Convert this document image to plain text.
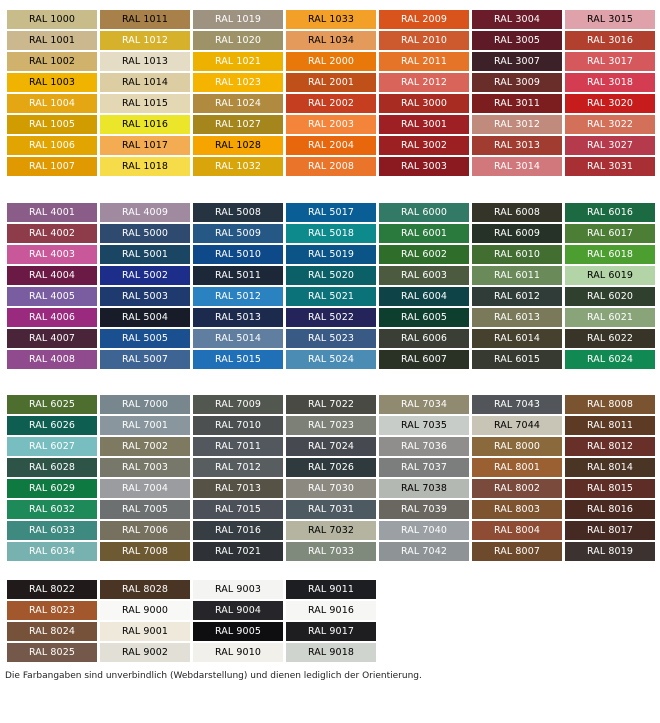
RAL 1000	RAL 1011	RAL 1019	RAL 1033	RAL 2009	RAL 3004	RAL 3015
RAL 1001	RAL 1012	RAL 1020	RAL 1034	RAL 2010	RAL 3005	RAL 3016
RAL 1002	RAL 1013	RAL 1021	RAL 2000	RAL 2011	RAL 3007	RAL 3017
RAL 1003	RAL 1014	RAL 1023	RAL 2001	RAL 2012	RAL 3009	RAL 3018
RAL 1004	RAL 1015	RAL 1024	RAL 2002	RAL 3000	RAL 3011	RAL 3020
RAL 1005	RAL 1016	RAL 1027	RAL 2003	RAL 3001	RAL 3012	RAL 3022
RAL 1006	RAL 1017	RAL 1028	RAL 2004	RAL 3002	RAL 3013	RAL 3027
RAL 1007	RAL 1018	RAL 1032	RAL 2008	RAL 3003	RAL 3014	RAL 3031
RAL 4001	RAL 4009	RAL 5008	RAL 5017	RAL 6000	RAL 6008	RAL 6016
RAL 4002	RAL 5000	RAL 5009	RAL 5018	RAL 6001	RAL 6009	RAL 6017
RAL 4003	RAL 5001	RAL 5010	RAL 5019	RAL 6002	RAL 6010	RAL 6018
RAL 4004	RAL 5002	RAL 5011	RAL 5020	RAL 6003	RAL 6011	RAL 6019
RAL 4005	RAL 5003	RAL 5012	RAL 5021	RAL 6004	RAL 6012	RAL 6020
RAL 4006	RAL 5004	RAL 5013	RAL 5022	RAL 6005	RAL 6013	RAL 6021
RAL 4007	RAL 5005	RAL 5014	RAL 5023	RAL 6006	RAL 6014	RAL 6022
RAL 4008	RAL 5007	RAL 5015	RAL 5024	RAL 6007	RAL 6015	RAL 6024
RAL 6025	RAL 7000	RAL 7009	RAL 7022	RAL 7034	RAL 7043	RAL 8008
RAL 6026	RAL 7001	RAL 7010	RAL 7023	RAL 7035	RAL 7044	RAL 8011
RAL 6027	RAL 7002	RAL 7011	RAL 7024	RAL 7036	RAL 8000	RAL 8012
RAL 6028	RAL 7003	RAL 7012	RAL 7026	RAL 7037	RAL 8001	RAL 8014
RAL 6029	RAL 7004	RAL 7013	RAL 7030	RAL 7038	RAL 8002	RAL 8015
RAL 6032	RAL 7005	RAL 7015	RAL 7031	RAL 7039	RAL 8003	RAL 8016
RAL 6033	RAL 7006	RAL 7016	RAL 7032	RAL 7040	RAL 8004	RAL 8017
RAL 6034	RAL 7008	RAL 7021	RAL 7033	RAL 7042	RAL 8007	RAL 8019
RAL 8022	RAL 8028	RAL 9003	RAL 9011
RAL 8023	RAL 9000	RAL 9004	RAL 9016
RAL 8024	RAL 9001	RAL 9005	RAL 9017
RAL 8025	RAL 9002	RAL 9010	RAL 9018
Die Farbangaben sind unverbindlich (Webdarstellung) und dienen lediglich der Orientierung.
